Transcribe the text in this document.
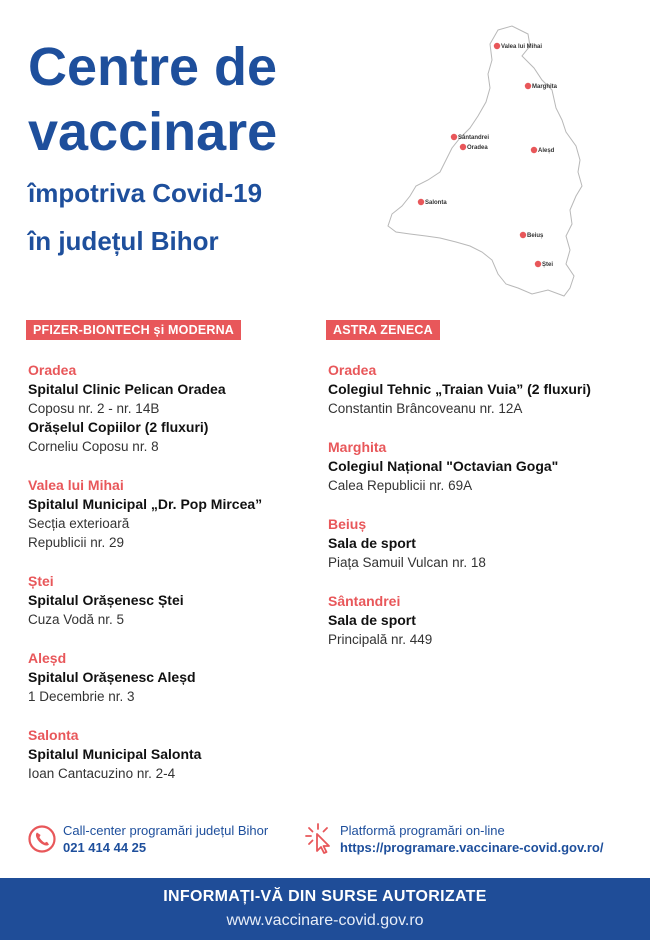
Centre de
vaccinare
împotriva Covid-19
în județul Bihor
Valea lui Mihai
Marghita
Sântandrei
Oradea	Aleșd
Salonta
Beiuș
Ștei
PFIZER-BIONTECH și MODERNA
Oradea
Spitalul Clinic Pelican Oradea
Coposu nr. 2 - nr. 14B
Orășelul Copiilor (2 fluxuri)
Corneliu Coposu nr. 8
Valea lui Mihai
Spitalul Municipal „Dr. Pop Mircea”
Secția exterioară
Republicii nr. 29
Ștei
Spitalul Orășenesc Ștei
Cuza Vodă nr. 5
Aleșd
Spitalul Orășenesc Aleșd
1 Decembrie nr. 3
Salonta
Spitalul Municipal Salonta
Ioan Cantacuzino nr. 2-4
ASTRA ZENECA
Oradea
Colegiul Tehnic „Traian Vuia” (2 fluxuri)
Constantin Brâncoveanu nr. 12A
Marghita
Colegiul Național "Octavian Goga"
Calea Republicii nr. 69A
Beiuș
Sala de sport
Piața Samuil Vulcan nr. 18
Sântandrei
Sala de sport
Principală nr. 449
Call-center programări județul Bihor
021 414 44 25
Platformă programări on-line
https://programare.vaccinare-covid.gov.ro/
INFORMAȚI-VĂ DIN SURSE AUTORIZATE
www.vaccinare-covid.gov.ro
